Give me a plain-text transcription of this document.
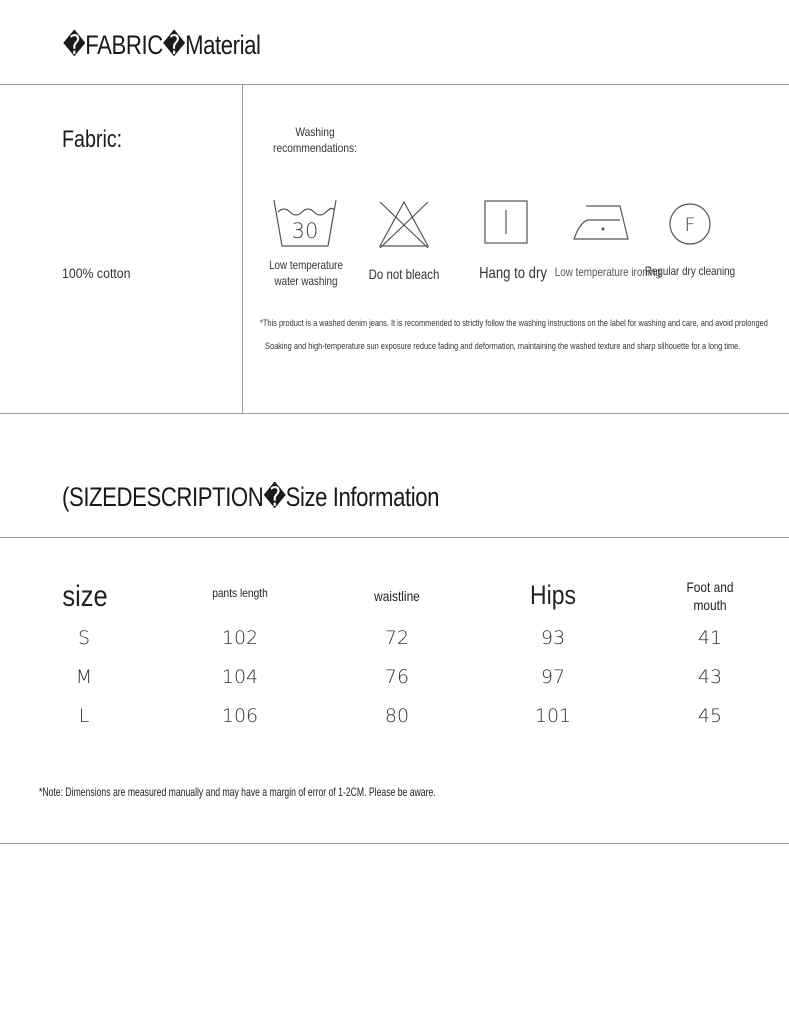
�FABRIC�Material
Fabric:
100% cotton
Washing recommendations:
30	F
Low temperature water washing	Do not bleach	Hang to dry Low temperature ironing
Regular dry cleaning
*This product is a washed denim jeans. It is recommended to strictly follow the washing instructions on the label for washing and care, and avoid prolonged
Soaking and high-temperature sun exposure reduce fading and deformation, maintaining the washed texture and sharp silhouette for a long time.
(SIZEDESCRIPTION�Size Information
size	pants length	waistline	Hips	Foot and mouth
S	102	72	93	41
M	104	76	97	43
L	106	80	101	45
*Note: Dimensions are measured manually and may have a margin of error of 1-2CM. Please be aware.
